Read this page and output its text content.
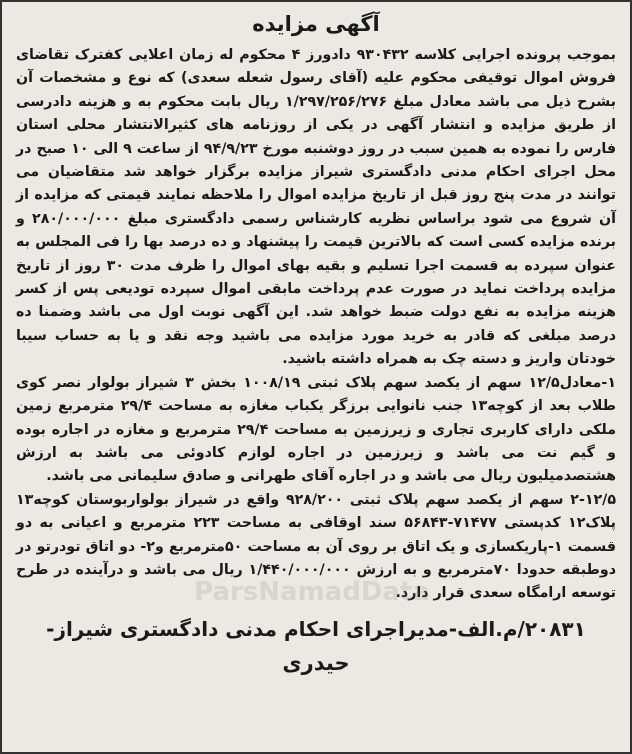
آگهی مزایده

بموجب پرونده اجرایی کلاسه ۹۳۰۴۳۲ دادورز ۴ محکوم له زمان اعلایی کفترک تقاضای فروش اموال توقیفی محکوم علیه (آقای رسول شعله سعدی) که نوع و مشخصات آن بشرح ذیل می باشد معادل مبلغ ۱/۲۹۷/۲۵۶/۲۷۶ ریال بابت محکوم به و هزینه دادرسی از طریق مزایده و انتشار آگهی در یکی از روزنامه های کثیرالانتشار محلی استان فارس را نموده به همین سبب در روز دوشنبه مورخ ۹۴/۹/۲۳ از ساعت ۹ الی ۱۰ صبح در محل اجرای احکام مدنی دادگستری شیراز مزایده برگزار خواهد شد متقاضیان می توانند در مدت پنج روز قبل از تاریخ مزایده اموال را ملاحظه نمایند قیمتی که مزایده از آن شروع می شود براساس نظریه کارشناس رسمی دادگستری مبلغ ۲۸۰/۰۰۰/۰۰۰ و برنده مزایده کسی است که بالاترین قیمت را پیشنهاد و ده درصد بها را فی المجلس به عنوان سپرده به قسمت اجرا تسلیم و بقیه بهای اموال را ظرف مدت ۳۰ روز از تاریخ مزایده پرداخت نماید در صورت عدم پرداخت مابقی اموال سپرده تودیعی پس از کسر هزینه مزایده به نفع دولت ضبط خواهد شد. این آگهی نوبت اول می باشد وضمنا ده درصد مبلغی که قادر به خرید مورد مزایده می باشید وجه نقد و یا به حساب سیبا خودتان واریز و دسته چک به همراه داشته باشید.

۱-معادل۱۲/۵ سهم از یکصد سهم پلاک ثبتی ۱۰۰۸/۱۹ بخش ۳ شیراز بولوار نصر کوی طلاب بعد از کوچه۱۳ جنب نانوایی برزگر یکباب مغازه به مساحت ۲۹/۴ مترمربع زمین ملکی دارای کاربری تجاری و زیرزمین به مساحت ۲۹/۴ مترمربع و مغازه در اجاره بوده و گیم نت می باشد و زیرزمین در اجاره لوازم کادوئی می باشد به ارزش هشتصدمیلیون ریال می باشد و در اجاره آقای طهرانی و صادق سلیمانی می باشد.

۲-۱۲/۵ سهم از یکصد سهم پلاک ثبتی ۹۲۸/۲۰۰ واقع در شیراز بولواربوستان کوچه۱۳ پلاک۱۲ کدپستی ۷۱۴۷۷-۵۶۸۴۳ سند اوقافی به مساحت ۲۲۳ مترمربع و اعیانی به دو قسمت ۱-پاریکسازی و یک اتاق بر روی آن به مساحت ۵۰مترمربع و۲- دو اتاق تودرتو در دوطبقه حدودا ۷۰مترمربع و به ارزش ۱/۴۴۰/۰۰۰/۰۰۰ ریال می باشد و درآینده در طرح توسعه ارامگاه سعدی قرار دارد.

۲۰۸۳۱/م.الف-مدیراجرای احکام مدنی دادگستری شیراز-
حیدری
ParsNamadData
